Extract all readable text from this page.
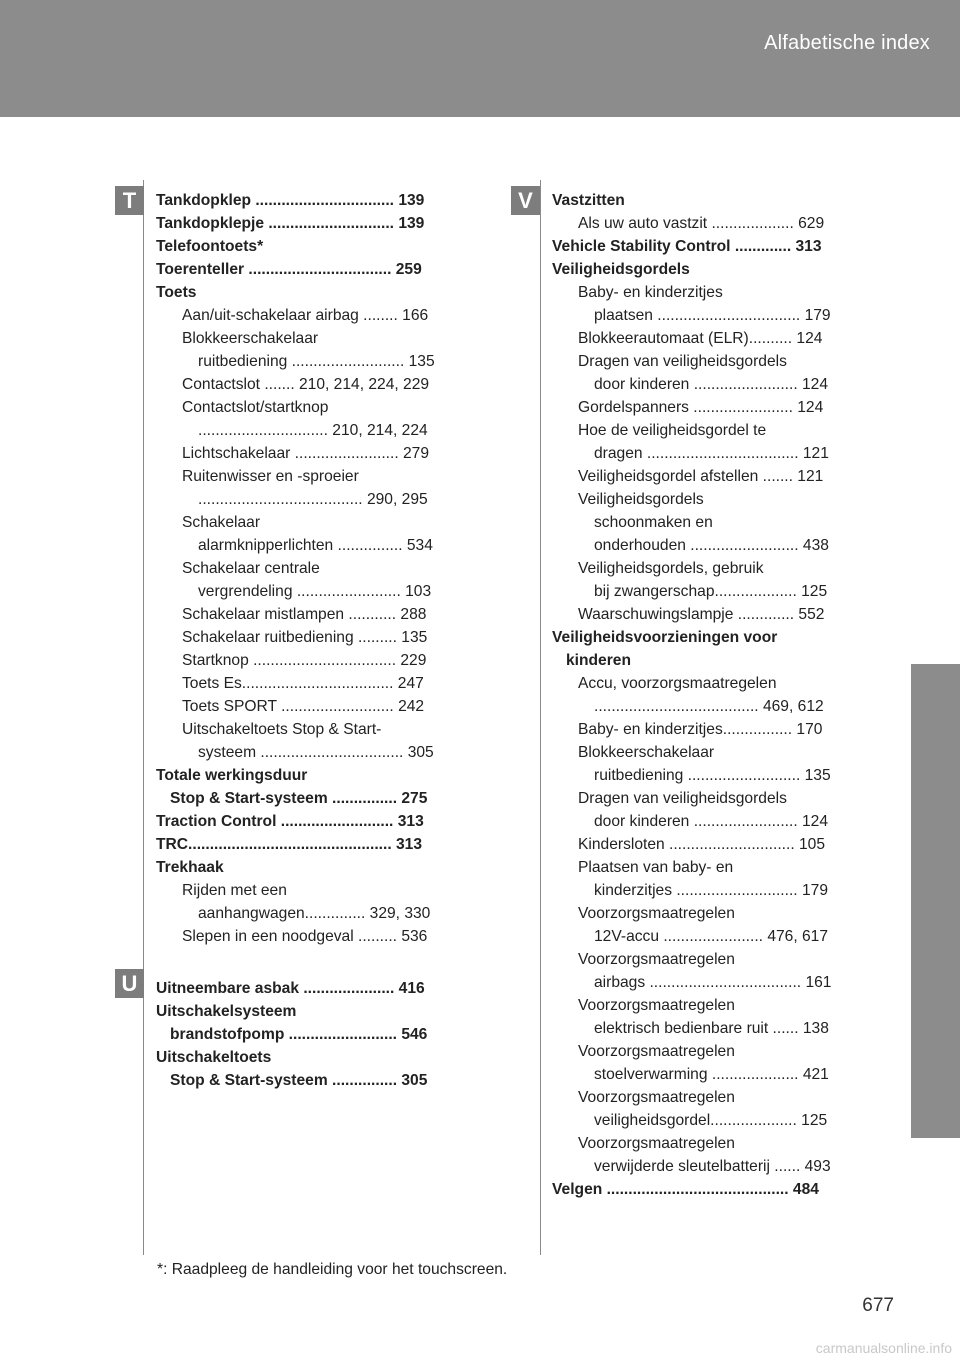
Alfabetische index
T
U
V
Tankdopklep ................................ 139
Tankdopklepje ............................. 139
Telefoontoets*
Toerenteller ................................. 259
Toets
Aan/uit-schakelaar airbag ........ 166
Blokkeerschakelaar
ruitbediening .......................... 135
Contactslot ....... 210, 214, 224, 229
Contactslot/startknop
.............................. 210, 214, 224
Lichtschakelaar ........................ 279
Ruitenwisser en -sproeier
...................................... 290, 295
Schakelaar
alarmknipperlichten ............... 534
Schakelaar centrale
vergrendeling ........................ 103
Schakelaar mistlampen ........... 288
Schakelaar ruitbediening ......... 135
Startknop ................................. 229
Toets Es................................... 247
Toets SPORT .......................... 242
Uitschakeltoets Stop & Start-
systeem ................................. 305
Totale werkingsduur
Stop & Start-systeem ............... 275
Traction Control .......................... 313
TRC............................................... 313
Trekhaak
Rijden met een
aanhangwagen.............. 329, 330
Slepen in een noodgeval ......... 536
Uitneembare asbak ..................... 416
Uitschakelsysteem
brandstofpomp ......................... 546
Uitschakeltoets
Stop & Start-systeem ............... 305
Vastzitten
Als uw auto vastzit ................... 629
Vehicle Stability Control ............. 313
Veiligheidsgordels
Baby- en kinderzitjes
plaatsen ................................. 179
Blokkeerautomaat (ELR).......... 124
Dragen van veiligheidsgordels
door kinderen ........................ 124
Gordelspanners ....................... 124
Hoe de veiligheidsgordel te
dragen ................................... 121
Veiligheidsgordel afstellen ....... 121
Veiligheidsgordels
schoonmaken en
onderhouden ......................... 438
Veiligheidsgordels, gebruik
bij zwangerschap................... 125
Waarschuwingslampje ............. 552
Veiligheidsvoorzieningen voor
kinderen
Accu, voorzorgsmaatregelen
...................................... 469, 612
Baby- en kinderzitjes................ 170
Blokkeerschakelaar
ruitbediening .......................... 135
Dragen van veiligheidsgordels
door kinderen ........................ 124
Kindersloten ............................. 105
Plaatsen van baby- en
kinderzitjes ............................ 179
Voorzorgsmaatregelen
12V-accu ....................... 476, 617
Voorzorgsmaatregelen
airbags ................................... 161
Voorzorgsmaatregelen
elektrisch bedienbare ruit ...... 138
Voorzorgsmaatregelen
stoelverwarming .................... 421
Voorzorgsmaatregelen
veiligheidsgordel.................... 125
Voorzorgsmaatregelen
verwijderde sleutelbatterij ...... 493
Velgen .......................................... 484
*: Raadpleeg de handleiding voor het touchscreen.
677
carmanualsonline.info
